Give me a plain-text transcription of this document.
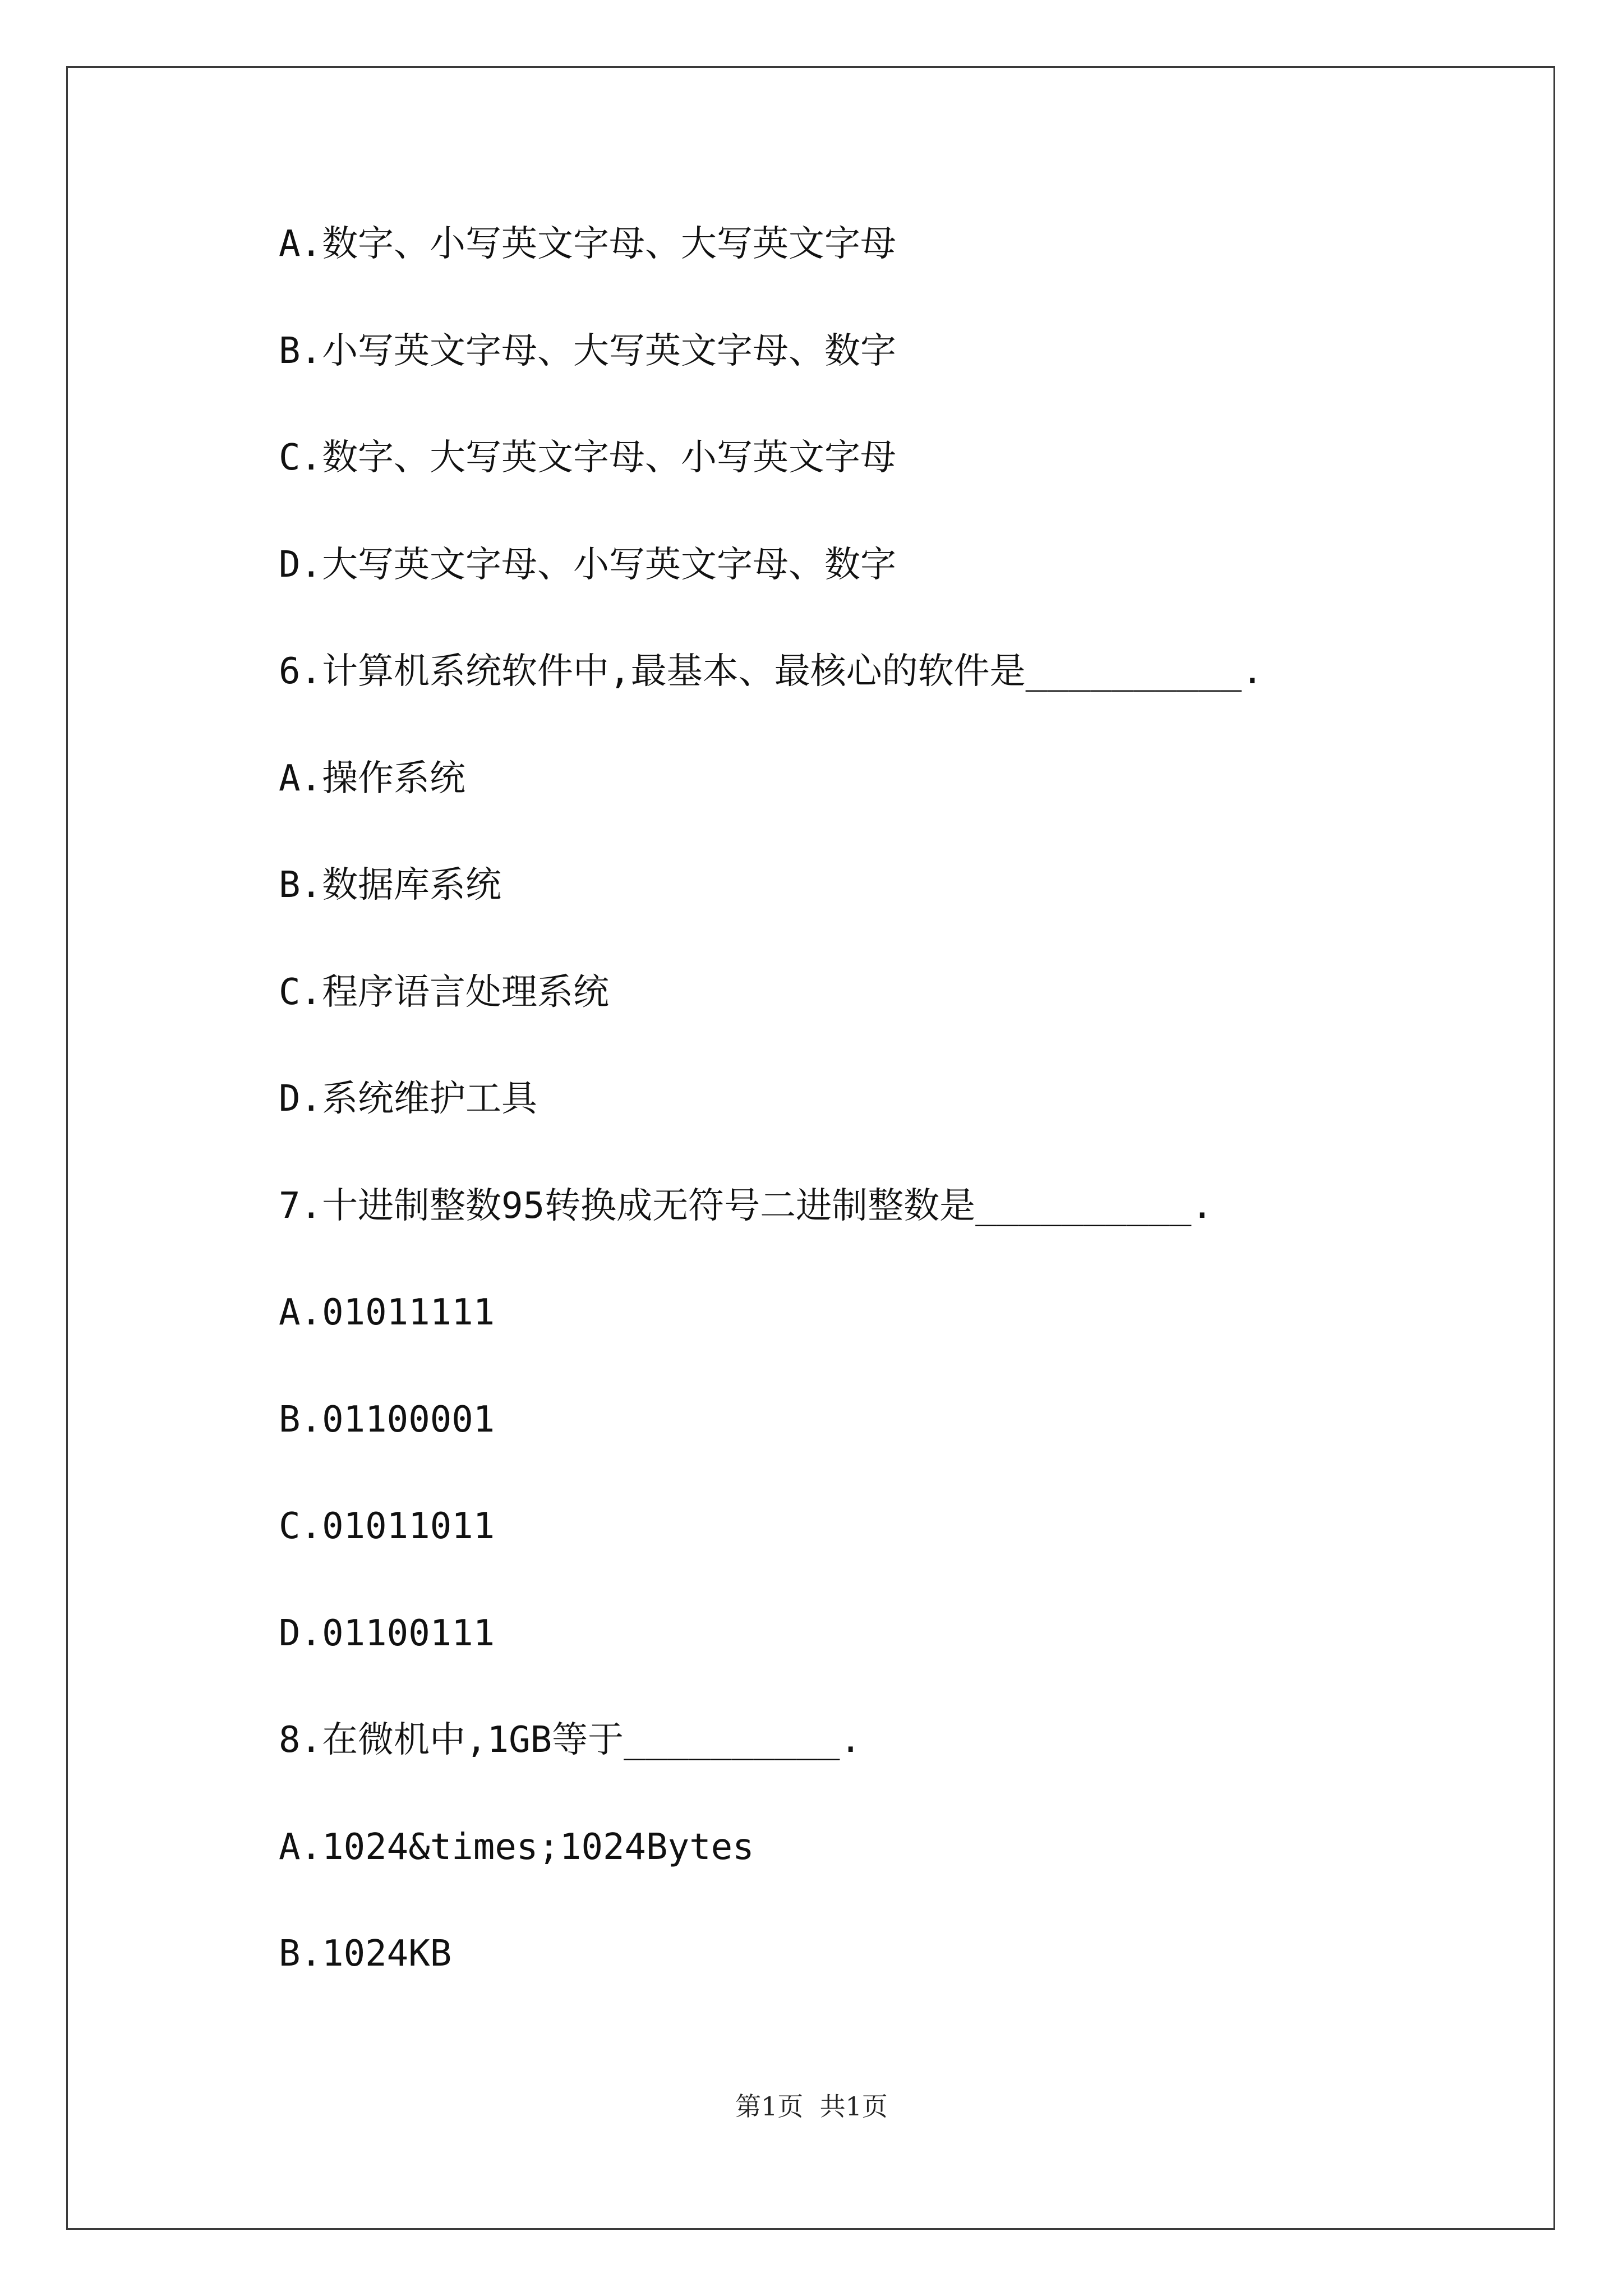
A.数字、小写英文字母、大写英文字母
B.小写英文字母、大写英文字母、数字
C.数字、大写英文字母、小写英文字母
D.大写英文字母、小写英文字母、数字
6.计算机系统软件中,最基本、最核心的软件是__________.
A.操作系统
B.数据库系统
C.程序语言处理系统
D.系统维护工具
7.十进制整数95转换成无符号二进制整数是__________.
A.01011111
B.01100001
C.01011011
D.01100111
8.在微机中,1GB等于__________.
A.1024&times;1024Bytes
B.1024KB
第1页  共1页
